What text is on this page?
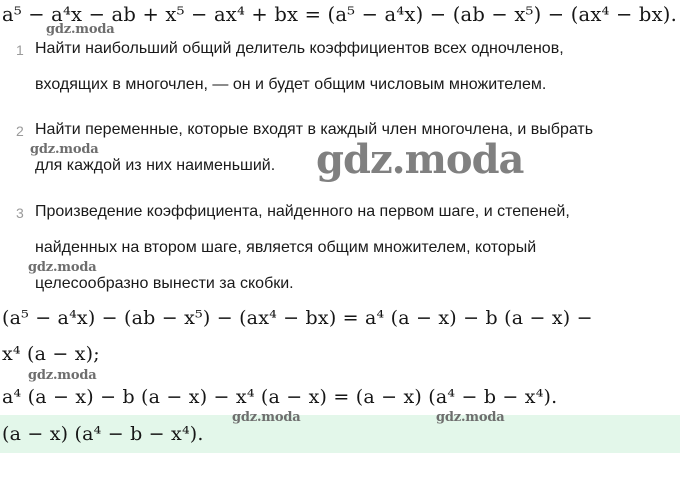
a⁵ − a⁴x − ab + x⁵ − ax⁴ + bx = (a⁵ − a⁴x) − (ab − x⁵) − (ax⁴ − bx).
1 Найти наибольший общий делитель коэффициентов всех одночленов,
входящих в многочлен, — он и будет общим числовым множителем.
2 Найти переменные, которые входят в каждый член многочлена, и выбрать
для каждой из них наименьший.
3 Произведение коэффициента, найденного на первом шаге, и степеней,
найденных на втором шаге, является общим множителем, который
целесообразно вынести за скобки.
(a⁵ − a⁴x) − (ab − x⁵) − (ax⁴ − bx) = a⁴ (a − x) − b (a − x) −
x⁴ (a − x);
a⁴ (a − x) − b (a − x) − x⁴ (a − x) = (a − x) (a⁴ − b − x⁴).
(a − x) (a⁴ − b − x⁴).
gdz.moda
gdz.moda	gdz.moda
gdz.moda
gdz.moda
gdz.moda	gdz.moda
